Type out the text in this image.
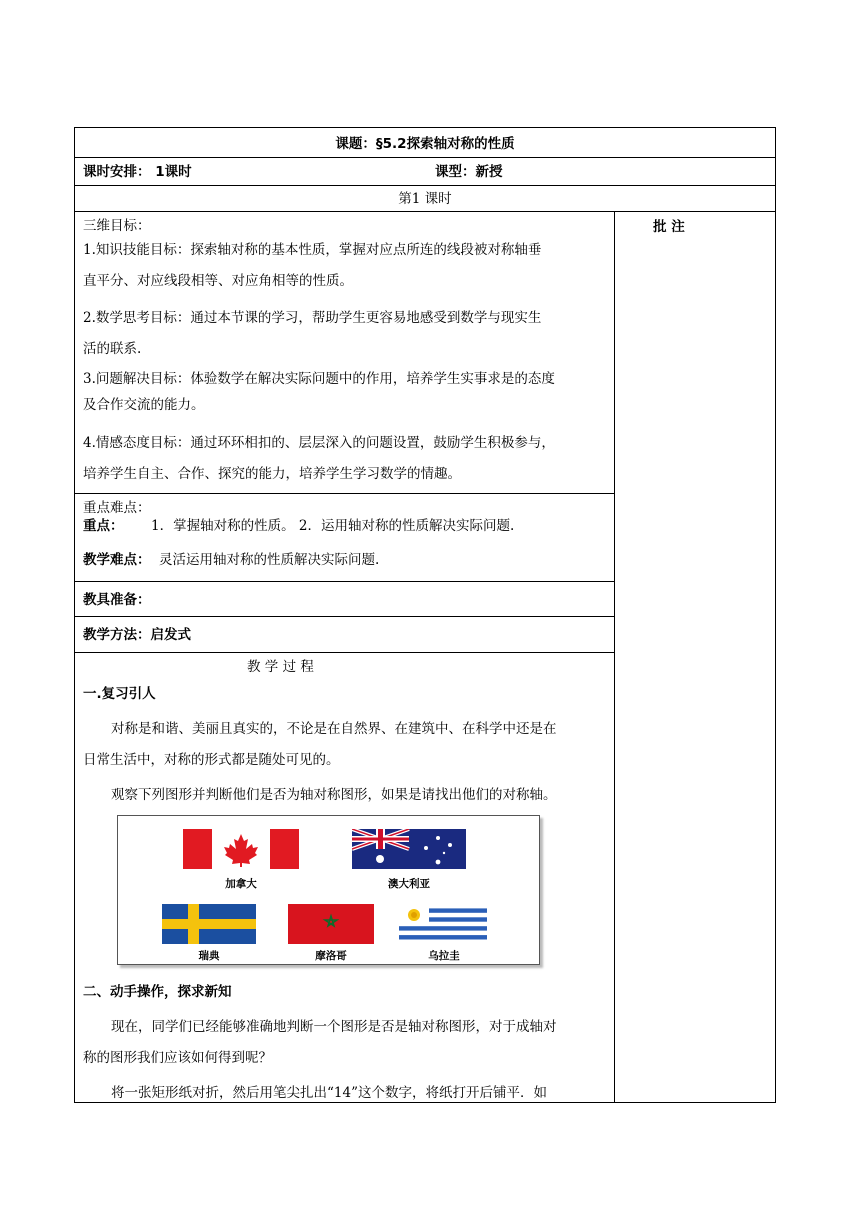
课题：§5.2探索轴对称的性质
课时安排： 1课时	课型：新授
第1 课时
批 注
三维目标：
1.知识技能目标：探索轴对称的基本性质，掌握对应点所连的线段被对称轴垂
直平分、对应线段相等、对应角相等的性质。
2.数学思考目标：通过本节课的学习，帮助学生更容易地感受到数学与现实生
活的联系.
3.问题解决目标：体验数学在解决实际问题中的作用，培养学生实事求是的态度
及合作交流的能力。
4.情感态度目标：通过环环相扣的、层层深入的问题设置，鼓励学生积极参与，
培养学生自主、合作、探究的能力，培养学生学习数学的情趣。
重点难点：
重点： 1．掌握轴对称的性质。 2．运用轴对称的性质解决实际问题.
教学难点： 灵活运用轴对称的性质解决实际问题.
教具准备：
教学方法：启发式
教 学 过 程
一.复习引人
对称是和谐、美丽且真实的，不论是在自然界、在建筑中、在科学中还是在
日常生活中，对称的形式都是随处可见的。
观察下列图形并判断他们是否为轴对称图形，如果是请找出他们的对称轴。
加拿大	澳大利亚
瑞典	摩洛哥	乌拉圭
二、动手操作，探求新知
现在，同学们已经能够准确地判断一个图形是否是轴对称图形，对于成轴对
称的图形我们应该如何得到呢？
将一张矩形纸对折，然后用笔尖扎出“14”这个数字，将纸打开后铺平．如
